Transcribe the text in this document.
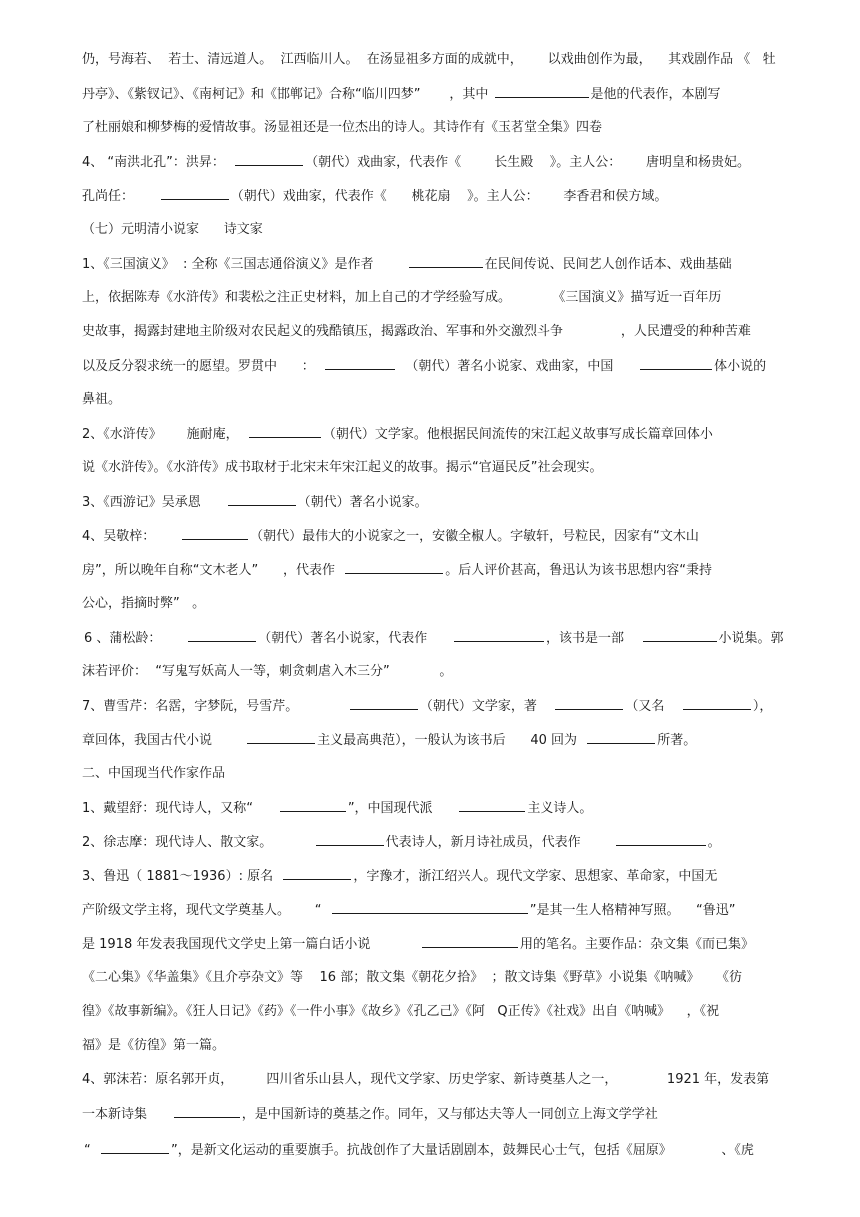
仍，号海若、  若士、清远道人。  江西临川人。  在汤显祖多方面的成就中，      以戏曲创作为最，    其戏剧作品 《   牡
丹亭》、《紫钗记》、《南柯记》和《邯郸记》合称“临川四梦”       ，其中	是他的代表作，本剧写
了杜丽娘和柳梦梅的爱情故事。汤显祖还是一位杰出的诗人。其诗作有《玉茗堂全集》四卷
4、 “南洪北孔”：洪昇：	（朝代）戏曲家，代表作《        长生殿    》。主人公：      唐明皇和杨贵妃。
孔尚任：	（朝代）戏曲家，代表作《      桃花扇    》。主人公：      李香君和侯方域。
（七）元明清小说家      诗文家
1、《三国演义》  : 全称《三国志通俗演义》是作者	在民间传说、民间艺人创作话本、戏曲基础
上，依据陈寿《水浒传》和裴松之注正史材料，加上自己的才学经验写成。          《三国演义》描写近一百年历
史故事，揭露封建地主阶级对农民起义的残酷镇压，揭露政治、军事和外交激烈斗争              ，人民遭受的种种苦难
以及反分裂求统一的愿望。罗贯中      ：	（朝代）著名小说家、戏曲家，中国	体小说的
鼻祖。
2、《水浒传》      施耐庵，	（朝代）文学家。他根据民间流传的宋江起义故事写成长篇章回体小
说《水浒传》。《水浒传》成书取材于北宋末年宋江起义的故事。揭示“官逼民反”社会现实。
3、《西游记》吴承恩	（朝代）著名小说家。
4、吴敬梓：	（朝代）最伟大的小说家之一，安徽全椒人。字敏轩，号粒民，因家有“文木山
房”，所以晚年自称“文木老人”      ，代表作	。后人评价甚高，鲁迅认为该书思想内容“秉持
公心，指摘时弊”   。
6 、蒲松龄：	（朝代）著名小说家，代表作	，该书是一部	小说集。郭
沫若评价：  “写鬼写妖高人一等，刺贪刺虐入木三分”            。
7、曹雪芹：名霑，字梦阮，号雪芹。	（朝代）文学家，著	（又名	），
章回体，我国古代小说	主义最高典范），一般认为该书后      40 回为	所著。
二、中国现当代作家作品
1、戴望舒：现代诗人，又称“	”，中国现代派	主义诗人。
2、徐志摩：现代诗人、散文家。	代表诗人，新月诗社成员，代表作	。
3、鲁迅（ 1881～1936）: 原名	，字豫才，浙江绍兴人。现代文学家、思想家、革命家，中国无
产阶级文学主将，现代文学奠基人。      “	”是其一生人格精神写照。    “鲁迅”
是 1918 年发表我国现代文学史上第一篇白话小说	用的笔名。主要作品：杂文集《而已集》
《二心集》《华盖集》《且介亭杂文》等    16 部；散文集《朝花夕拾》  ；散文诗集《野草》小说集《呐喊》    《彷
徨》《故事新编》。《狂人日记》《药》《一件小事》《故乡》《孔乙己》《阿   Q正传》《社戏》出自《呐喊》    ，《祝
福》是《彷徨》第一篇。
4、郭沫若：原名郭开贞，        四川省乐山县人，现代文学家、历史学家、新诗奠基人之一，            1921 年，发表第
一本新诗集	，是中国新诗的奠基之作。同年，又与郁达夫等人一同创立上海文学学社
“	”，是新文化运动的重要旗手。抗战创作了大量话剧剧本，鼓舞民心士气，包括《屈原》            、《虎
